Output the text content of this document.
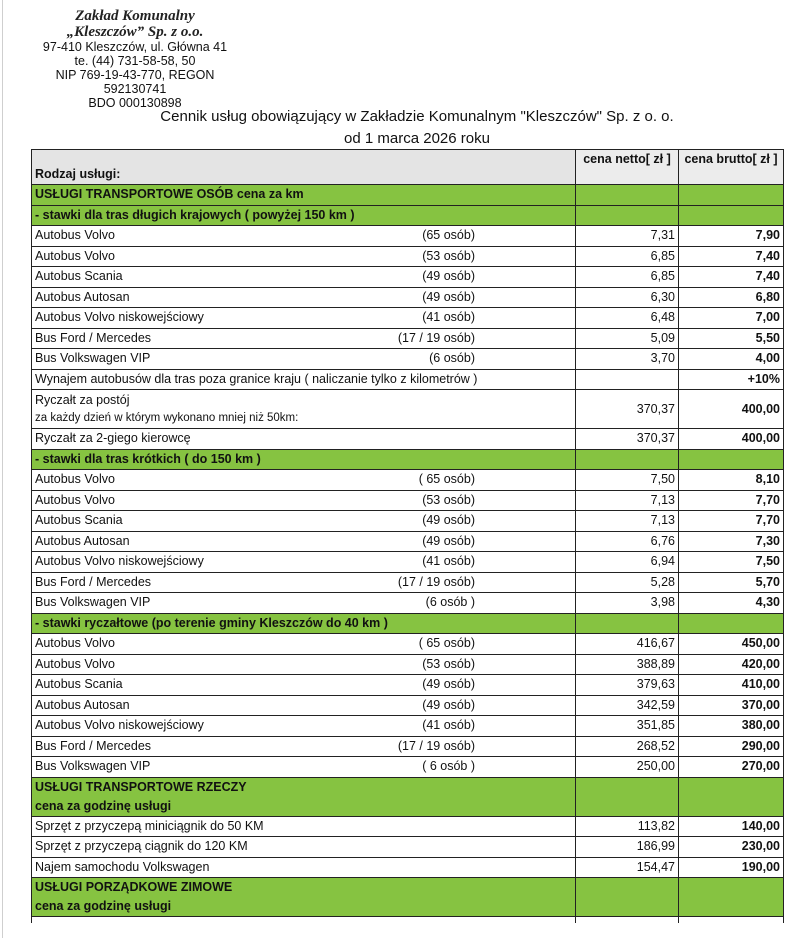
Zakład Komunalny
„Kleszczów” Sp. z o.o.
97-410 Kleszczów, ul. Główna 41
te. (44) 731-58-58, 50
NIP 769-19-43-770, REGON 592130741
BDO 000130898
Cennik usług obowiązujący w Zakładzie Komunalnym "Kleszczów" Sp. z o. o.
od 1 marca 2026 roku
Rodzaj usługi:	cena netto[ zł ]	cena brutto[ zł ]
USŁUGI TRANSPORTOWE OSÓB cena za km		
- stawki dla tras długich krajowych ( powyżej 150 km )		
Autobus Volvo (65 osób)	7,31	7,90
Autobus Volvo (53 osób)	6,85	7,40
Autobus Scania (49 osób)	6,85	7,40
Autobus Autosan (49 osób)	6,30	6,80
Autobus Volvo niskowejściowy (41 osób)	6,48	7,00
Bus Ford / Mercedes (17 / 19 osób)	5,09	5,50
Bus Volkswagen VIP (6 osób)	3,70	4,00
Wynajem autobusów dla tras poza granice kraju ( naliczanie tylko z kilometrów )		+10%

Ryczałt za postój
za każdy dzień w którym wykonano mniej niż 50km:	370,37	400,00
Ryczałt za 2-giego kierowcę	370,37	400,00
- stawki dla tras krótkich ( do 150 km )		
Autobus Volvo ( 65 osób)	7,50	8,10
Autobus Volvo (53 osób)	7,13	7,70
Autobus Scania (49 osób)	7,13	7,70
Autobus Autosan (49 osób)	6,76	7,30
Autobus Volvo niskowejściowy (41 osób)	6,94	7,50
Bus Ford / Mercedes (17 / 19 osób)	5,28	5,70
Bus Volkswagen VIP (6 osób )	3,98	4,30
- stawki ryczałtowe (po terenie gminy Kleszczów do 40 km )		
Autobus Volvo ( 65 osób)	416,67	450,00
Autobus Volvo (53 osób)	388,89	420,00
Autobus Scania (49 osób)	379,63	410,00
Autobus Autosan (49 osób)	342,59	370,00
Autobus Volvo niskowejściowy (41 osób)	351,85	380,00
Bus Ford / Mercedes (17 / 19 osób)	268,52	290,00
Bus Volkswagen VIP ( 6 osób )	250,00	270,00

USŁUGI TRANSPORTOWE RZECZY
cena za godzinę usługi		

Sprzęt z przyczepą miniciągnik do 50 KM	113,82	140,00
Sprzęt z przyczepą ciągnik do 120 KM	186,99	230,00
Najem samochodu Volkswagen	154,47	190,00

USŁUGI PORZĄDKOWE ZIMOWE
cena za godzinę usługi		
